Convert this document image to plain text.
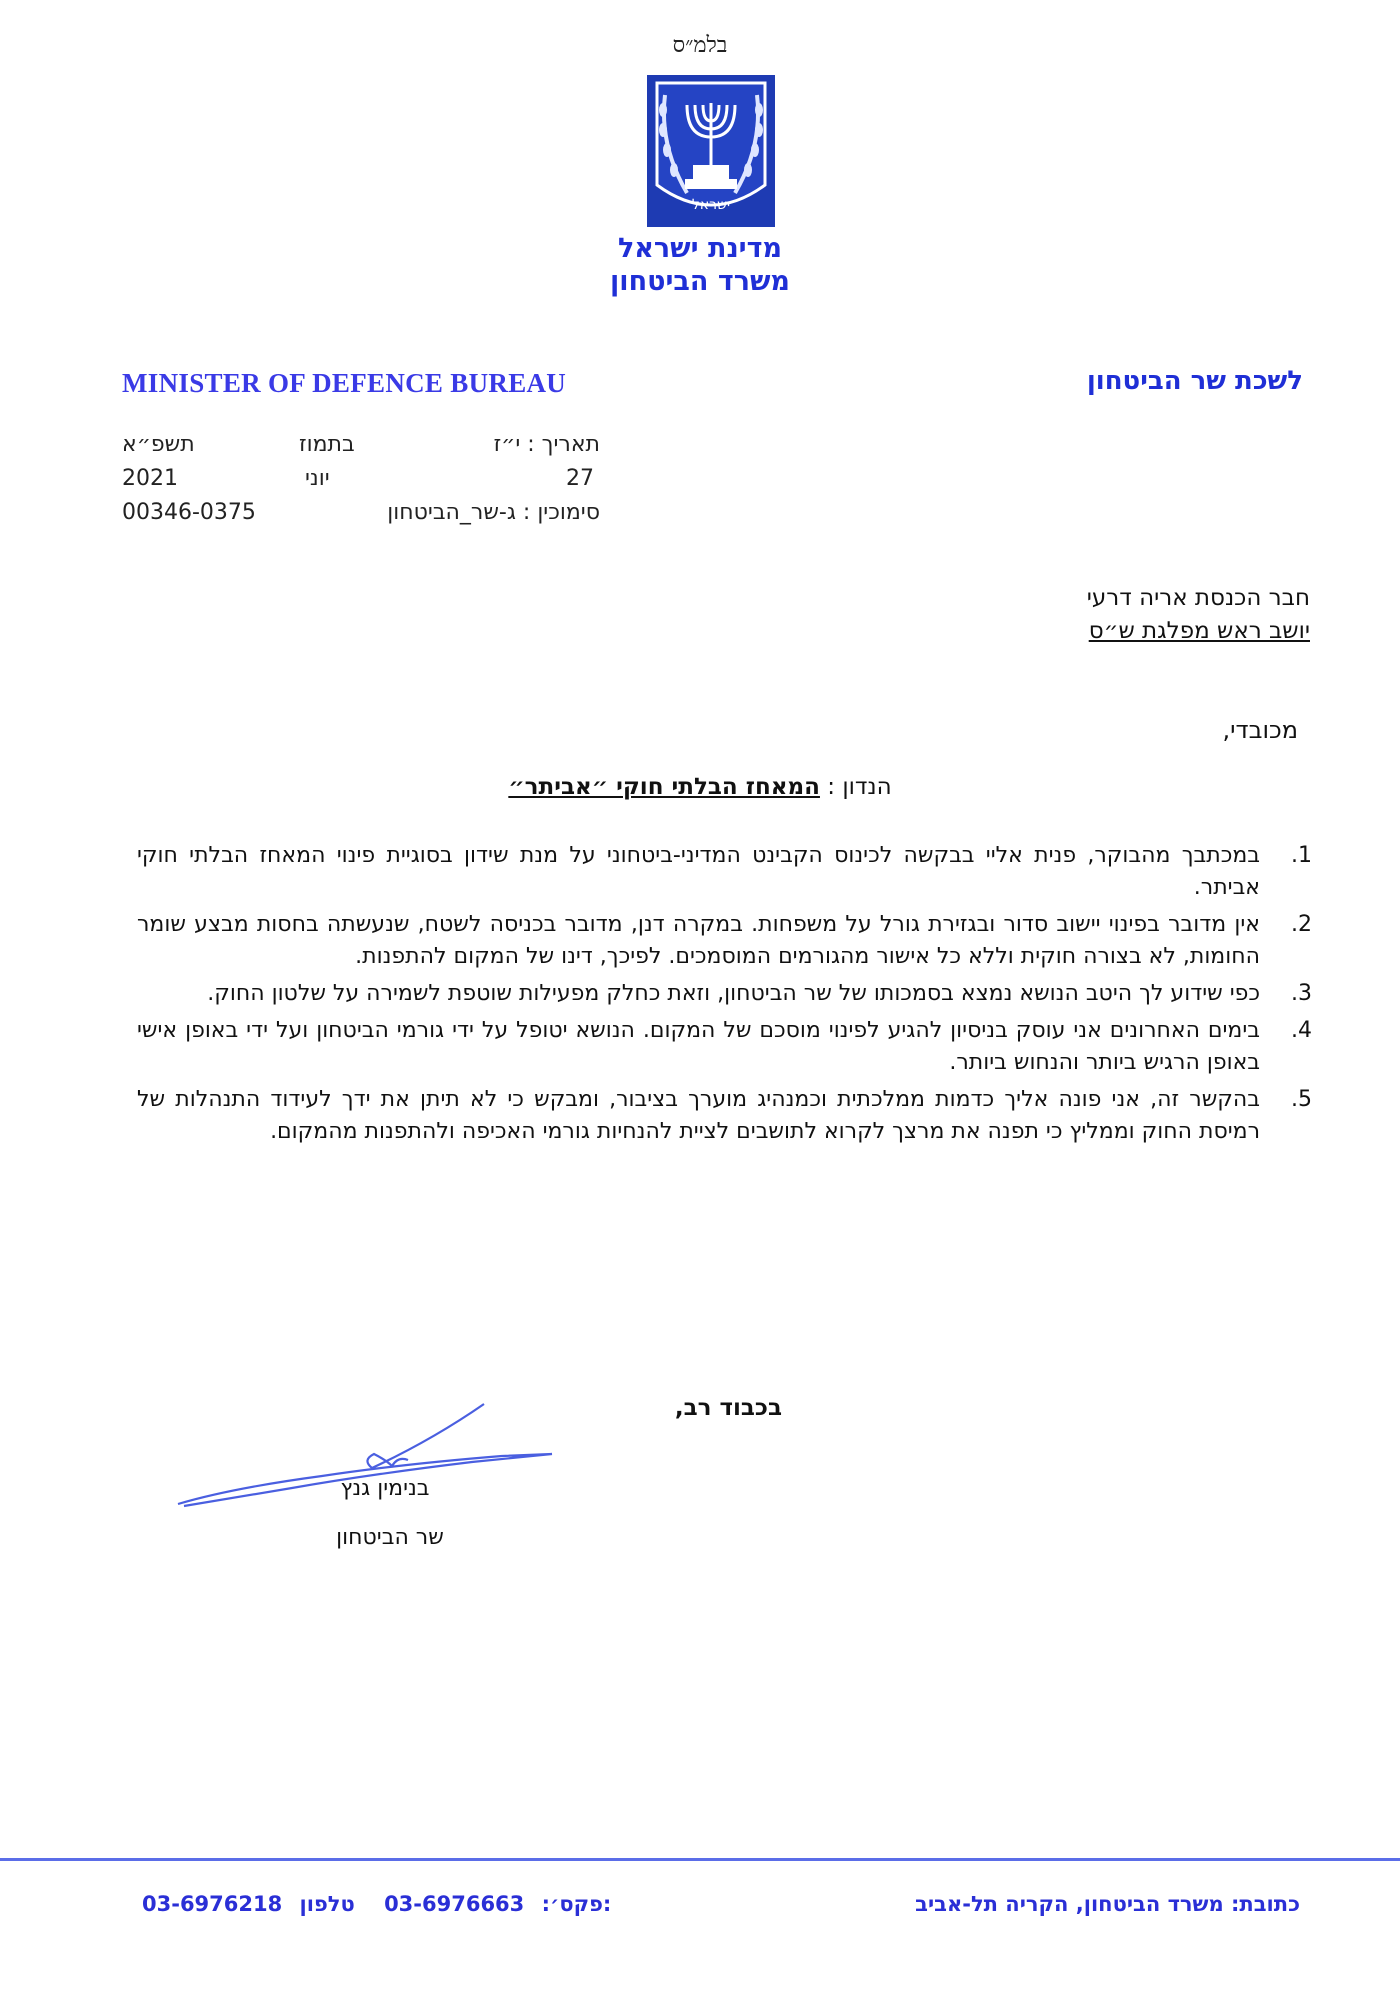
בלמ״ס
ישראל
מדינת ישראל
משרד הביטחון
MINISTER OF DEFENCE BUREAU	לשכת שר הביטחון
תאריך : י״ז
בתמוז
תשפ״א
27
יוני
2021
סימוכין : ג-שר_הביטחון
00346-0375
חבר הכנסת אריה דרעי
יושב ראש מפלגת ש״ס
מכובדי,
הנדון : המאחז הבלתי חוקי ״אביתר״
1.
במכתבך מהבוקר, פנית אליי בבקשה לכינוס הקבינט המדיני-ביטחוני על מנת שידון בסוגיית פינוי המאחז הבלתי חוקי אביתר.
2.
אין מדובר בפינוי יישוב סדור ובגזירת גורל על משפחות. במקרה דנן, מדובר בכניסה לשטח, שנעשתה בחסות מבצע שומר החומות, לא בצורה חוקית וללא כל אישור מהגורמים המוסמכים. לפיכך, דינו של המקום להתפנות.
3.
כפי שידוע לך היטב הנושא נמצא בסמכותו של שר הביטחון, וזאת כחלק מפעילות שוטפת לשמירה על שלטון החוק.
4.
בימים האחרונים אני עוסק בניסיון להגיע לפינוי מוסכם של המקום. הנושא יטופל על ידי גורמי הביטחון ועל ידי באופן אישי באופן הרגיש ביותר והנחוש ביותר.
5.
בהקשר זה, אני פונה אליך כדמות ממלכתית וכמנהיג מוערך בציבור, ומבקש כי לא תיתן את ידך לעידוד התנהלות של רמיסת החוק וממליץ כי תפנה את מרצך לקרוא לתושבים לציית להנחיות גורמי האכיפה ולהתפנות מהמקום.
בכבוד רב,
בנימין גנץ
שר הביטחון
כתובת: משרד הביטחון, הקריה תל-אביב
03-6976218	פקס׳: 03-6976663 טלפון:
